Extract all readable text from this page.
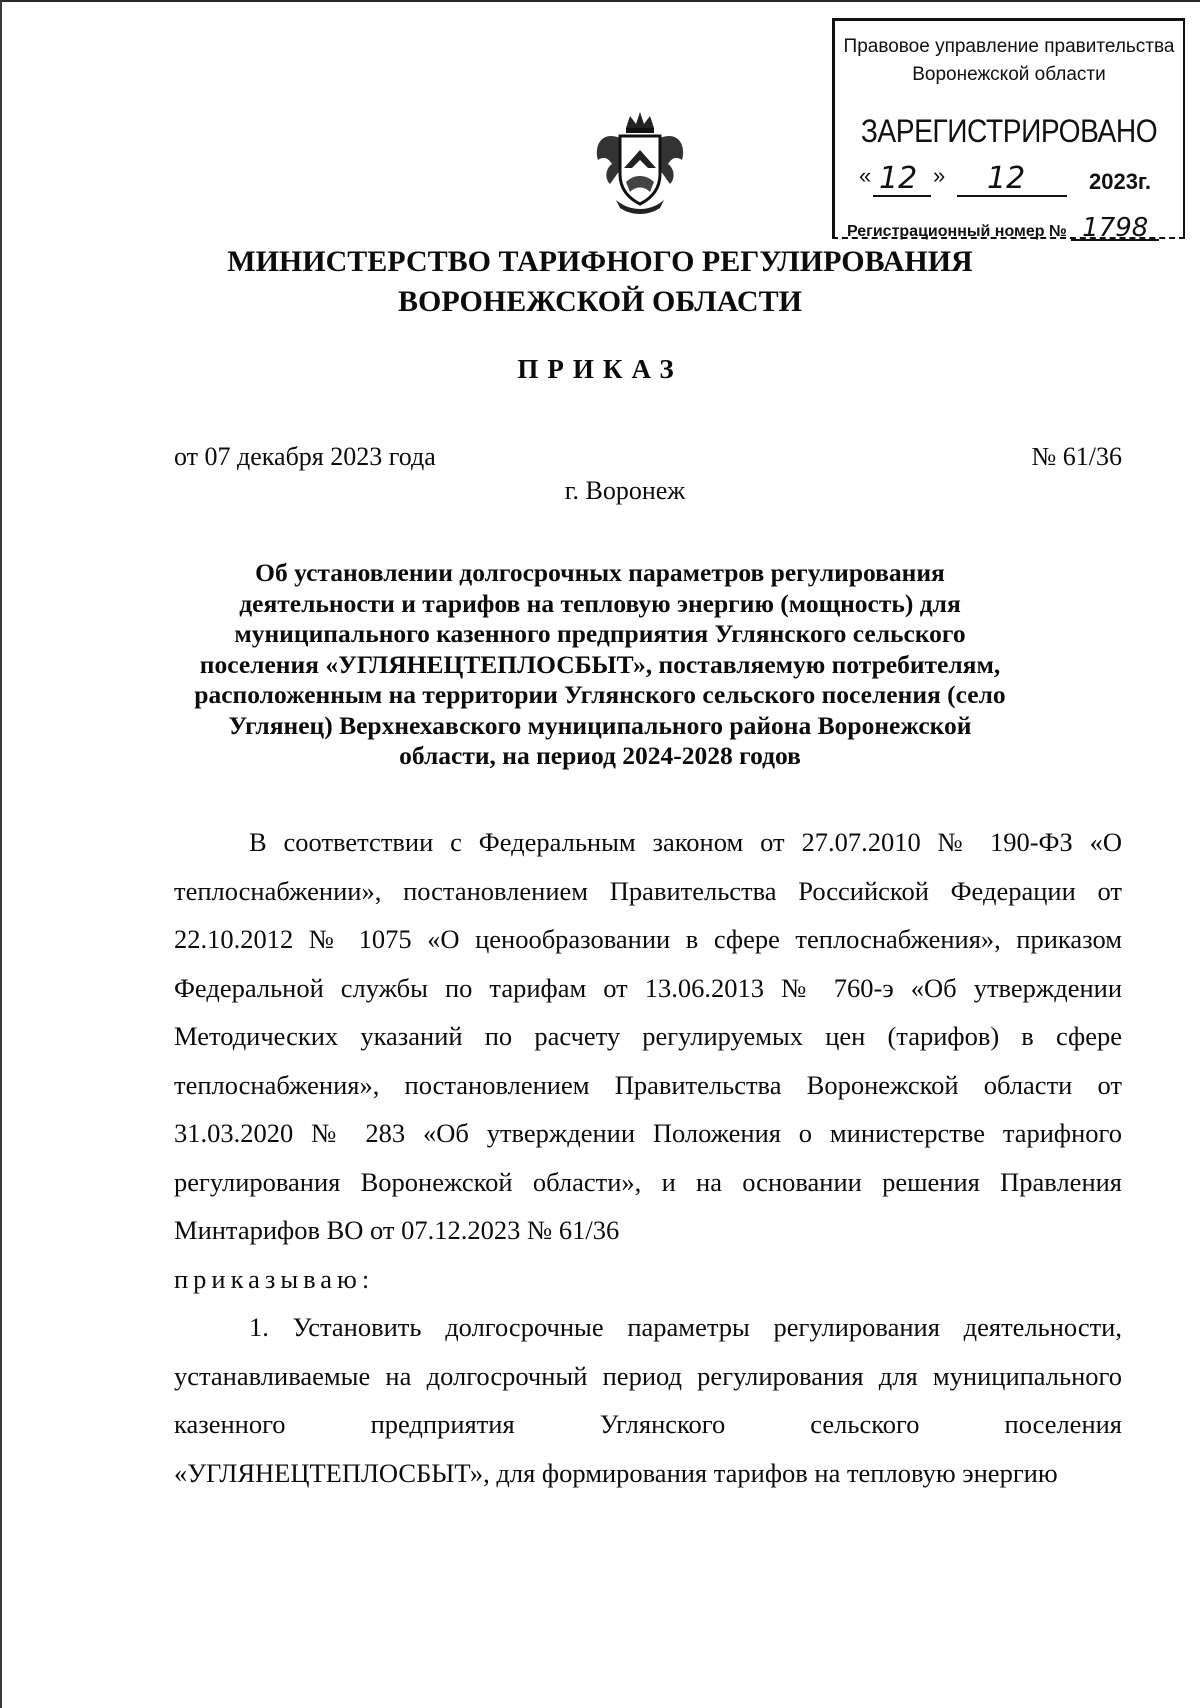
Правовое управление правительства
Воронежской области
ЗАРЕГИСТРИРОВАНО
« 12 » 12	2023г.
Регистрационный номер № 1798
МИНИСТЕРСТВО ТАРИФНОГО РЕГУЛИРОВАНИЯ
ВОРОНЕЖСКОЙ ОБЛАСТИ
ПРИКАЗ
от 07 декабря 2023 года	№ 61/36
г. Воронеж
Об установлении долгосрочных параметров регулирования
деятельности и тарифов на тепловую энергию (мощность) для
муниципального казенного предприятия Углянского сельского
поселения «УГЛЯНЕЦТЕПЛОСБЫТ», поставляемую потребителям,
расположенным на территории Углянского сельского поселения (село
Углянец) Верхнехавского муниципального района Воронежской
области, на период 2024-2028 годов

В соответствии с Федеральным законом от 27.07.2010 № 190-ФЗ «О теплоснабжении», постановлением Правительства Российской Федерации от 22.10.2012 № 1075 «О ценообразовании в сфере теплоснабжения», приказом Федеральной службы по тарифам от 13.06.2013 № 760-э «Об утверждении Методических указаний по расчету регулируемых цен (тарифов) в сфере теплоснабжения», постановлением Правительства Воронежской области от 31.03.2020 № 283 «Об утверждении Положения о министерстве тарифного регулирования Воронежской области», и на основании решения Правления Минтарифов ВО от 07.12.2023 № 61/36

приказываю:

1. Установить долгосрочные параметры регулирования деятельности, устанавливаемые на долгосрочный период регулирования для муниципального казенного предприятия Углянского сельского поселения «УГЛЯНЕЦТЕПЛОСБЫТ», для формирования тарифов на тепловую энергию
